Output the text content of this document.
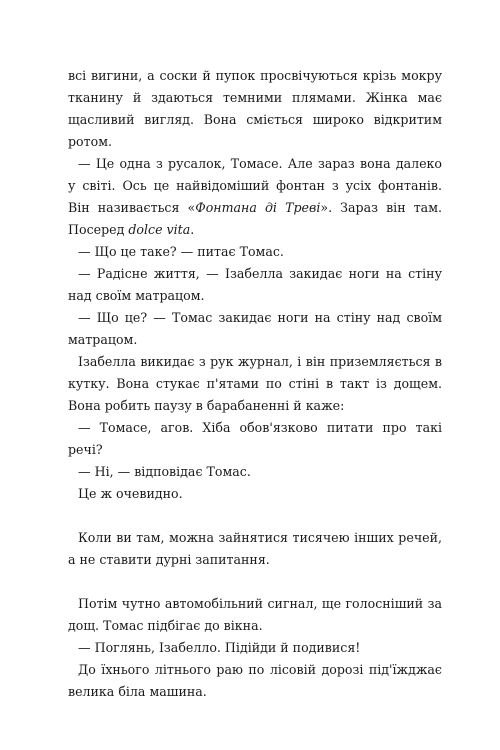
всі вигини, а соски й пупок просвічуються крізь мокру тканину й здаються темними плямами. Жінка має щасливий вигляд. Вона сміється широко відкритим ротом.

— Це одна з русалок, Томасе. Але зараз вона далеко у світі. Ось це найвідоміший фонтан з усіх фонтанів. Він називається «Фонтана ді Треві». Зараз він там. Посеред dolce vita.

— Що це таке? — питає Томас.

— Радісне життя, — Ізабелла закидає ноги на стіну над своїм матрацом.

— Що це? — Томас закидає ноги на стіну над своїм матрацом.

Ізабелла викидає з рук журнал, і він приземляється в кутку. Вона стукає п'ятами по стіні в такт із дощем. Вона робить паузу в барабаненні й каже:

— Томасе, агов. Хіба обов'язково питати про такі речі?

— Ні, — відповідає Томас.

Це ж очевидно.

Коли ви там, можна зайнятися тисячею інших речей, а не ставити дурні запитання.

Потім чутно автомобільний сигнал, ще голосніший за дощ. Томас підбігає до вікна.

— Поглянь, Ізабелло. Підійди й подивися!

До їхнього літнього раю по лісовій дорозі під'їжджає велика біла машина.
